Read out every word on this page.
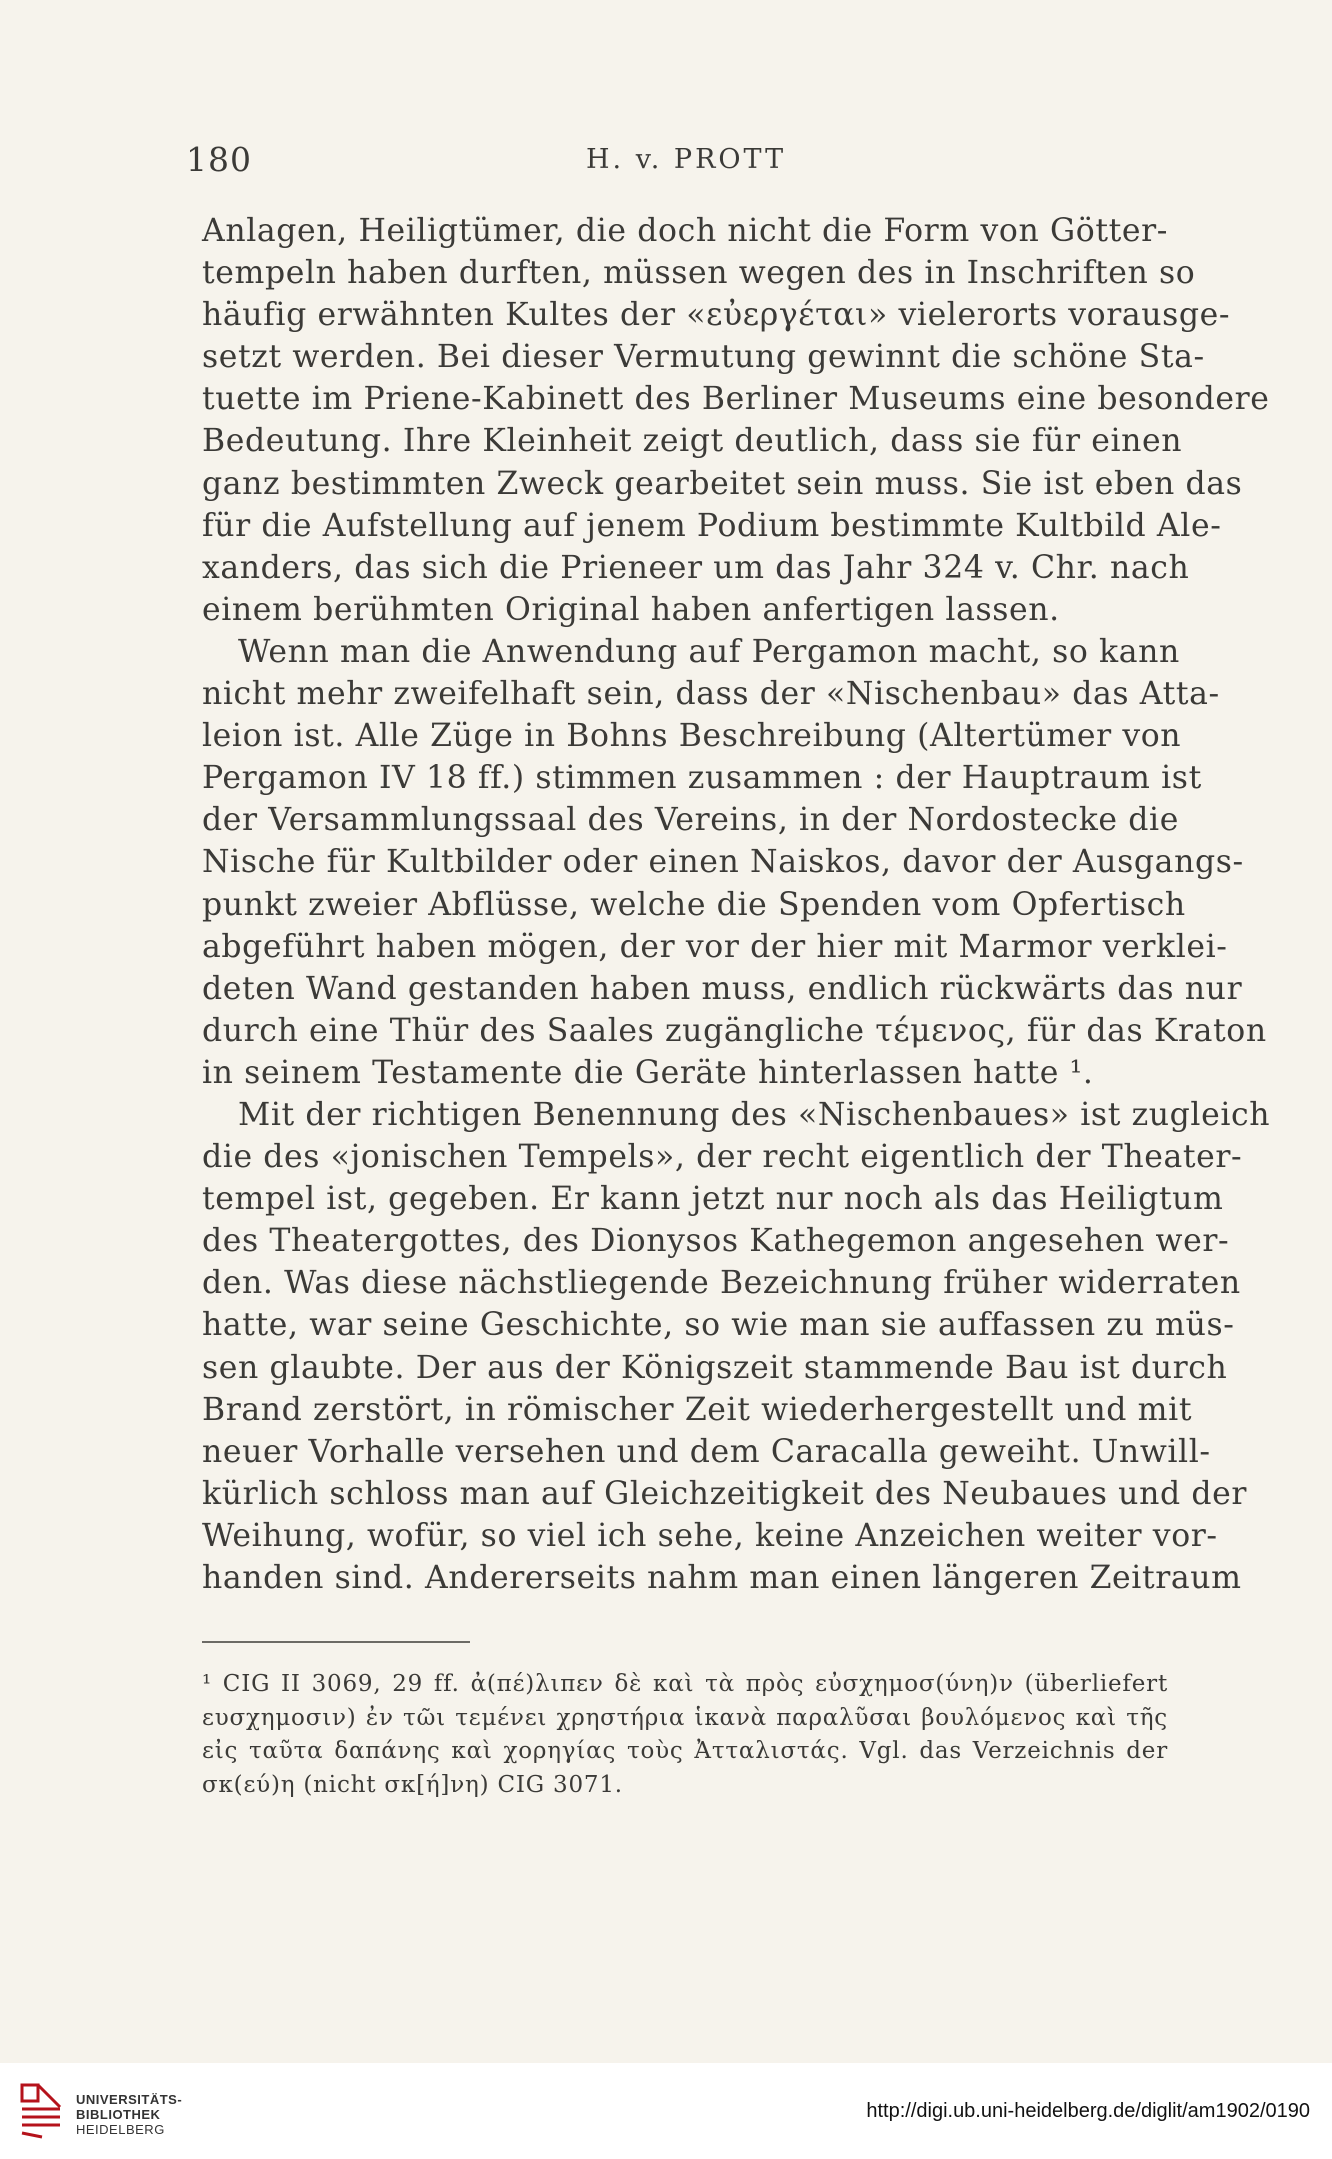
180	H. v. PROTT
Anlagen, Heiligtümer, die doch nicht die Form von Götter-
tempeln haben durften, müssen wegen des in Inschriften so
häufig erwähnten Kultes der «εὐεργέται» vielerorts vorausge-
setzt werden. Bei dieser Vermutung gewinnt die schöne Sta-
tuette im Priene-Kabinett des Berliner Museums eine besondere
Bedeutung. Ihre Kleinheit zeigt deutlich, dass sie für einen
ganz bestimmten Zweck gearbeitet sein muss. Sie ist eben das
für die Aufstellung auf jenem Podium bestimmte Kultbild Ale-
xanders, das sich die Prieneer um das Jahr 324 v. Chr. nach
einem berühmten Original haben anfertigen lassen.
Wenn man die Anwendung auf Pergamon macht, so kann
nicht mehr zweifelhaft sein, dass der «Nischenbau» das Atta-
leion ist. Alle Züge in Bohns Beschreibung (Altertümer von
Pergamon IV 18 ff.) stimmen zusammen : der Hauptraum ist
der Versammlungssaal des Vereins, in der Nordostecke die
Nische für Kultbilder oder einen Naiskos, davor der Ausgangs-
punkt zweier Abflüsse, welche die Spenden vom Opfertisch
abgeführt haben mögen, der vor der hier mit Marmor verklei-
deten Wand gestanden haben muss, endlich rückwärts das nur
durch eine Thür des Saales zugängliche τέμενος, für das Kraton
in seinem Testamente die Geräte hinterlassen hatte ¹.
Mit der richtigen Benennung des «Nischenbaues» ist zugleich
die des «jonischen Tempels», der recht eigentlich der Theater-
tempel ist, gegeben. Er kann jetzt nur noch als das Heiligtum
des Theatergottes, des Dionysos Kathegemon angesehen wer-
den. Was diese nächstliegende Bezeichnung früher widerraten
hatte, war seine Geschichte, so wie man sie auffassen zu müs-
sen glaubte. Der aus der Königszeit stammende Bau ist durch
Brand zerstört, in römischer Zeit wiederhergestellt und mit
neuer Vorhalle versehen und dem Caracalla geweiht. Unwill-
kürlich schloss man auf Gleichzeitigkeit des Neubaues und der
Weihung, wofür, so viel ich sehe, keine Anzeichen weiter vor-
handen sind. Andererseits nahm man einen längeren Zeitraum
¹ CIG II 3069, 29 ff. ἀ(πέ)λιπεν δὲ καὶ τὰ πρὸς εὐσχημοσ(ύνη)ν (überliefert
ευσχημοσιν) ἐν τῶι τεμένει χρηστήρια ἱκανὰ παραλῦσαι βουλόμενος καὶ τῆς
εἰς ταῦτα δαπάνης καὶ χορηγίας τοὺς Ἀτταλιστάς. Vgl. das Verzeichnis der
σκ(εύ)η (nicht σκ[ή]νη) CIG 3071.
UNIVERSITÄTS-
BIBLIOTHEK
HEIDELBERG
http://digi.ub.uni-heidelberg.de/diglit/am1902/0190
